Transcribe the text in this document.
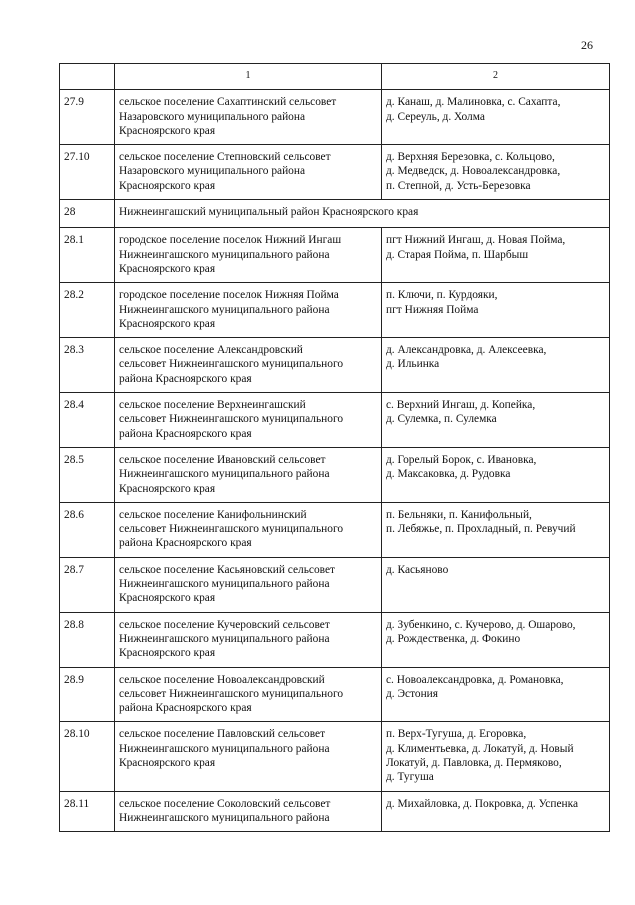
26
	1	2
27.9	сельское поселение Сахаптинский сельсовет
Назаровского муниципального района
Красноярского края	д. Канаш, д. Малиновка, с. Сахапта,
д. Сереуль, д. Холма

27.10	сельское поселение Степновский сельсовет
Назаровского муниципального района
Красноярского края	д. Верхняя Березовка, с. Кольцово,
д. Медведск, д. Новоалександровка,
п. Степной, д. Усть-Березовка

28	Нижнеингашский муниципальный район Красноярского края	
28.1	городское поселение поселок Нижний Ингаш
Нижнеингашского муниципального района
Красноярского края	пгт Нижний Ингаш, д. Новая Пойма,
д. Старая Пойма, п. Шарбыш

28.2	городское поселение поселок Нижняя Пойма
Нижнеингашского муниципального района
Красноярского края	п. Ключи, п. Курдояки,
пгт Нижняя Пойма

28.3	сельское поселение Александровский
сельсовет Нижнеингашского муниципального
района Красноярского края	д. Александровка, д. Алексеевка,
д. Ильинка

28.4	сельское поселение Верхнеингашский
сельсовет Нижнеингашского муниципального
района Красноярского края	с. Верхний Ингаш, д. Копейка,
д. Сулемка, п. Сулемка

28.5	сельское поселение Ивановский сельсовет
Нижнеингашского муниципального района
Красноярского края	д. Горелый Борок, с. Ивановка,
д. Максаковка, д. Рудовка

28.6	сельское поселение Канифольнинский
сельсовет Нижнеингашского муниципального
района Красноярского края	п. Бельняки, п. Канифольный,
п. Лебяжье, п. Прохладный, п. Ревучий

28.7	сельское поселение Касьяновский сельсовет
Нижнеингашского муниципального района
Красноярского края	д. Касьяново

28.8	сельское поселение Кучеровский сельсовет
Нижнеингашского муниципального района
Красноярского края	д. Зубенкино, с. Кучерово, д. Ошарово,
д. Рождественка, д. Фокино

28.9	сельское поселение Новоалександровский
сельсовет Нижнеингашского муниципального
района Красноярского края	с. Новоалександровка, д. Романовка,
д. Эстония

28.10	сельское поселение Павловский сельсовет
Нижнеингашского муниципального района
Красноярского края	п. Верх-Тугуша, д. Егоровка,
д. Климентьевка, д. Локатуй, д. Новый
Локатуй, д. Павловка, д. Пермяково,
д. Тугуша

28.11	сельское поселение Соколовский сельсовет
Нижнеингашского муниципального района	д. Михайловка, д. Покровка, д. Успенка
